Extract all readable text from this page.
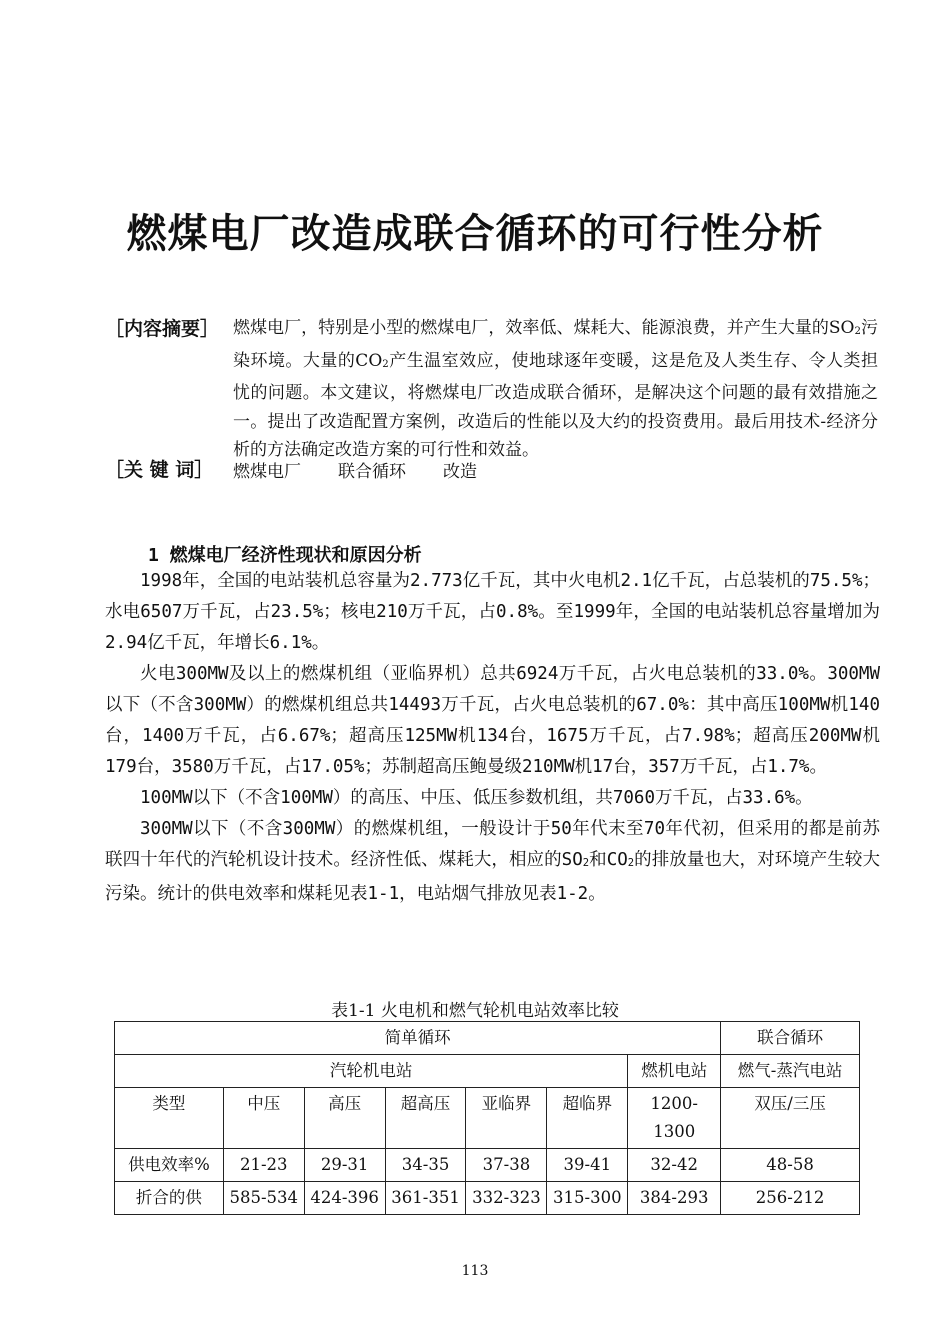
燃煤电厂改造成联合循环的可行性分析
［内容摘要］ 燃煤电厂，特别是小型的燃煤电厂，效率低、煤耗大、能源浪费，并产生大量的$SO_2$污染环境。大量的$CO_2$产生温室效应，使地球逐年变暖，这是危及人类生存、令人类担忧的问题。本文建议，将燃煤电厂改造成联合循环，是解决这个问题的最有效措施之一。提出了改造配置方案例，改造后的性能以及大约的投资费用。最后用技术-经济分析的方法确定改造方案的可行性和效益。
［关 键 词］ 燃煤电厂 联合循环 改造
1 燃煤电厂经济性现状和原因分析

1998年，全国的电站装机总容量为2.773亿千瓦，其中火电机2.1亿千瓦，占总装机的75.5%；水电6507万千瓦，占23.5%；核电210万千瓦，占0.8%。至1999年，全国的电站装机总容量增加为2.94亿千瓦，年增长6.1%。

火电300MW及以上的燃煤机组（亚临界机）总共6924万千瓦，占火电总装机的33.0%。300MW以下（不含300MW）的燃煤机组总共14493万千瓦，占火电总装机的67.0%：其中高压100MW机140台，1400万千瓦，占6.67%；超高压125MW机134台，1675万千瓦，占7.98%；超高压200MW机179台，3580万千瓦，占17.05%；苏制超高压鲍曼级210MW机17台，357万千瓦，占1.7%。

100MW以下（不含100MW）的高压、中压、低压参数机组，共7060万千瓦，占33.6%。

300MW以下（不含300MW）的燃煤机组，一般设计于50年代末至70年代初，但采用的都是前苏联四十年代的汽轮机设计技术。经济性低、煤耗大，相应的$SO_2$和$CO_2$的排放量也大，对环境产生较大污染。统计的供电效率和煤耗见表1-1，电站烟气排放见表1-2。

表1-1 火电机和燃气轮机电站效率比较
简单循环							联合循环
汽轮机电站						燃机电站	燃气-蒸汽电站
类型	中压	高压	超高压	亚临界	超临界	1200-1300	双压/三压
供电效率%	21-23	29-31	34-35	37-38	39-41	32-42	48-58
折合的供	585-534	424-396	361-351	332-323	315-300	384-293	256-212
113
